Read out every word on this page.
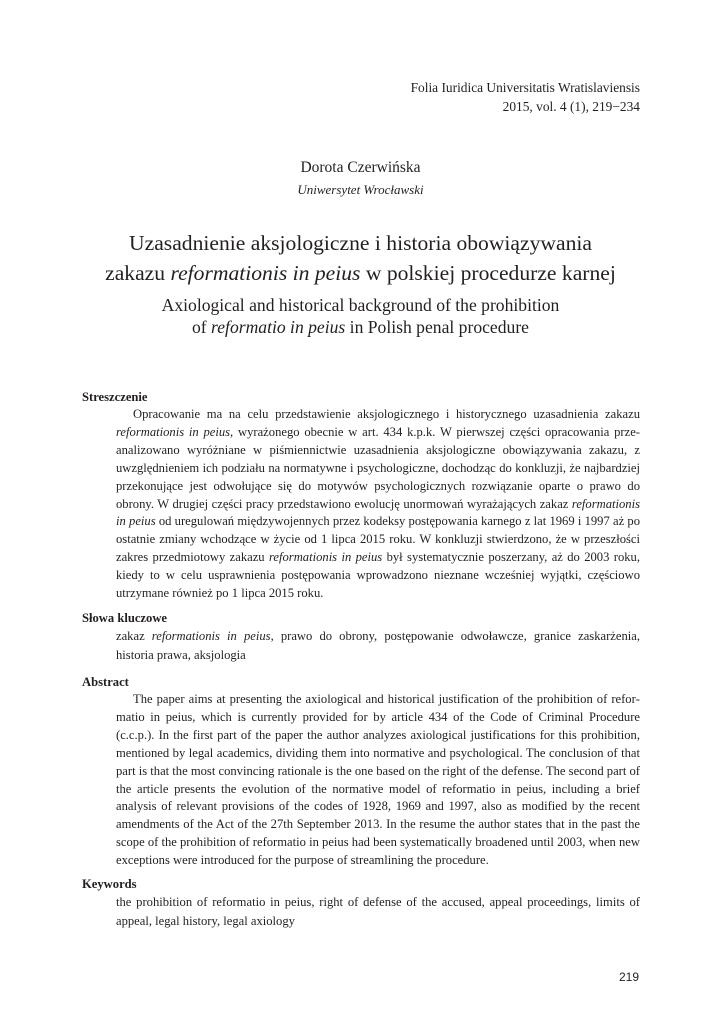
Folia Iuridica Universitatis Wratislaviensis
2015, vol. 4 (1), 219−234
Dorota Czerwińska
Uniwersytet Wrocławski
Uzasadnienie aksjologiczne i historia obowiązywania
zakazu reformationis in peius w polskiej procedurze karnej
Axiological and historical background of the prohibition
of reformatio in peius in Polish penal procedure
Streszczenie
Opracowanie ma na celu przedstawienie aksjologicznego i historycznego uzasadnienia zakazu reformationis in peius, wyrażonego obecnie w art. 434 k.p.k. W pierwszej części opracowania przeanalizowano wyróżniane w piśmiennictwie uzasadnienia aksjologiczne obowiązywania zakazu, z uwzględnieniem ich podziału na normatywne i psychologiczne, dochodząc do konkluzji, że najbardziej przekonujące jest odwołujące się do motywów psychologicznych rozwiązanie oparte o prawo do obrony. W drugiej części pracy przedstawiono ewolucję unormowań wyrażających zakaz reformationis in peius od uregulowań międzywojennych przez kodeksy postępowania karnego z lat 1969 i 1997 aż po ostatnie zmiany wchodzące w życie od 1 lipca 2015 roku. W konkluzji stwierdzono, że w przeszłości zakres przedmiotowy zakazu reformationis in peius był systematycznie poszerzany, aż do 2003 roku, kiedy to w celu usprawnienia postępowania wprowadzono nieznane wcześniej wyjątki, częściowo utrzymane również po 1 lipca 2015 roku.
Słowa kluczowe
zakaz reformationis in peius, prawo do obrony, postępowanie odwoławcze, granice zaskarżenia, historia prawa, aksjologia
Abstract
The paper aims at presenting the axiological and historical justification of the prohibition of reformatio in peius, which is currently provided for by article 434 of the Code of Criminal Procedure (c.c.p.). In the first part of the paper the author analyzes axiological justifications for this prohibition, mentioned by legal academics, dividing them into normative and psychological. The conclusion of that part is that the most convincing rationale is the one based on the right of the defense. The second part of the article presents the evolution of the normative model of reformatio in peius, including a brief analysis of relevant provisions of the codes of 1928, 1969 and 1997, also as modified by the recent amendments of the Act of the 27th September 2013. In the resume the author states that in the past the scope of the prohibition of reformatio in peius had been systematically broadened until 2003, when new exceptions were introduced for the purpose of streamlining the procedure.
Keywords
the prohibition of reformatio in peius, right of defense of the accused, appeal proceedings, limits of appeal, legal history, legal axiology
219
